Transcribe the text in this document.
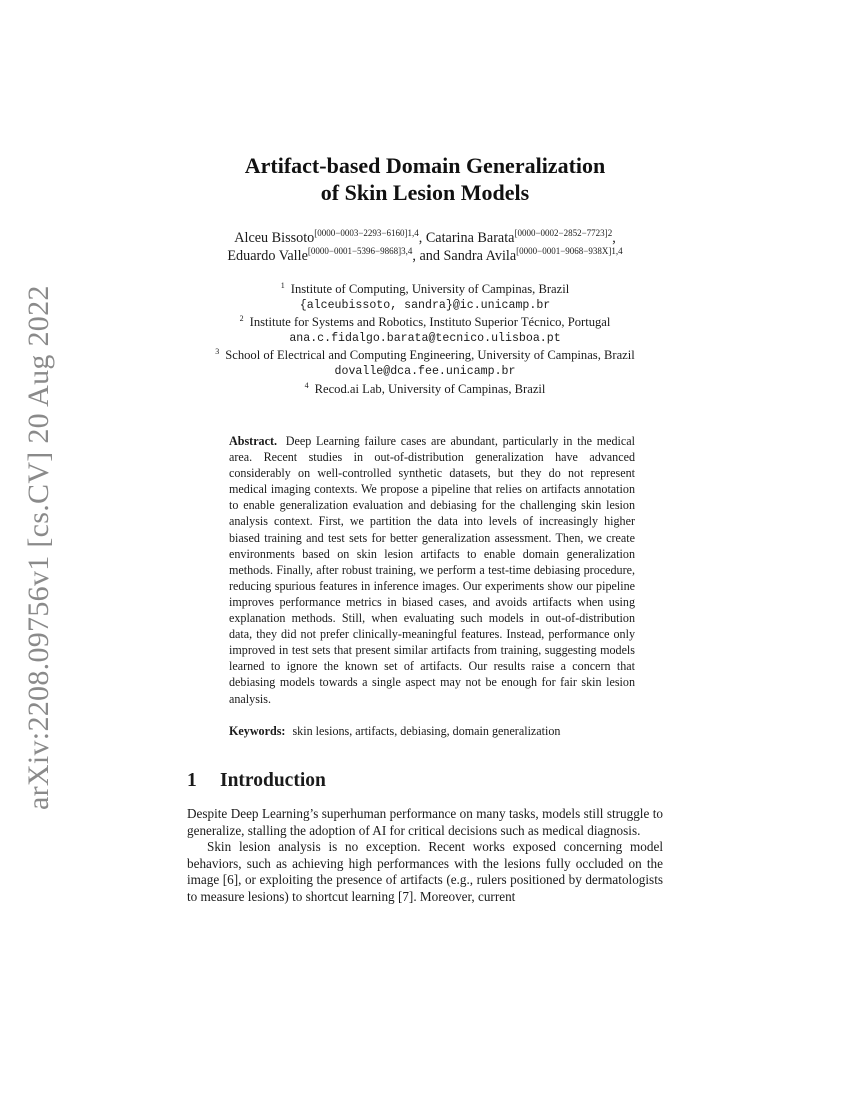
arXiv:2208.09756v1 [cs.CV] 20 Aug 2022
Artifact-based Domain Generalization
of Skin Lesion Models
Alceu Bissoto$^{[0000-0003-2293-6160]1,4}$, Catarina Barata$^{[0000-0002-2852-7723]2}$,
Eduardo Valle$^{[0000-0001-5396-9868]3,4}$, and Sandra Avila$^{[0000-0001-9068-938X]1,4}$
$^1$ Institute of Computing, University of Campinas, Brazil
{alceubissoto, sandra}@ic.unicamp.br
$^2$ Institute for Systems and Robotics, Instituto Superior Técnico, Portugal
ana.c.fidalgo.barata@tecnico.ulisboa.pt
$^3$ School of Electrical and Computing Engineering, University of Campinas, Brazil
dovalle@dca.fee.unicamp.br
$^4$ Recod.ai Lab, University of Campinas, Brazil
Abstract. Deep Learning failure cases are abundant, particularly in the medical area. Recent studies in out-of-distribution generalization have advanced considerably on well-controlled synthetic datasets, but they do not represent medical imaging contexts. We propose a pipeline that relies on artifacts annotation to enable generalization evaluation and debiasing for the challenging skin lesion analysis context. First, we partition the data into levels of increasingly higher biased training and test sets for better generalization assessment. Then, we create environments based on skin lesion artifacts to enable domain generalization methods. Finally, after robust training, we perform a test-time debiasing procedure, reducing spurious features in inference images. Our experiments show our pipeline improves performance metrics in biased cases, and avoids artifacts when using explanation methods. Still, when evaluating such models in out-of-distribution data, they did not prefer clinically-meaningful features. Instead, performance only improved in test sets that present similar artifacts from training, suggesting models learned to ignore the known set of artifacts. Our results raise a concern that debiasing models towards a single aspect may not be enough for fair skin lesion analysis.
Keywords: skin lesions, artifacts, debiasing, domain generalization
1 Introduction

Despite Deep Learning’s superhuman performance on many tasks, models still struggle to generalize, stalling the adoption of AI for critical decisions such as medical diagnosis.

Skin lesion analysis is no exception. Recent works exposed concerning model behaviors, such as achieving high performances with the lesions fully occluded on the image [6], or exploiting the presence of artifacts (e.g., rulers positioned by dermatologists to measure lesions) to shortcut learning [7]. Moreover, current
